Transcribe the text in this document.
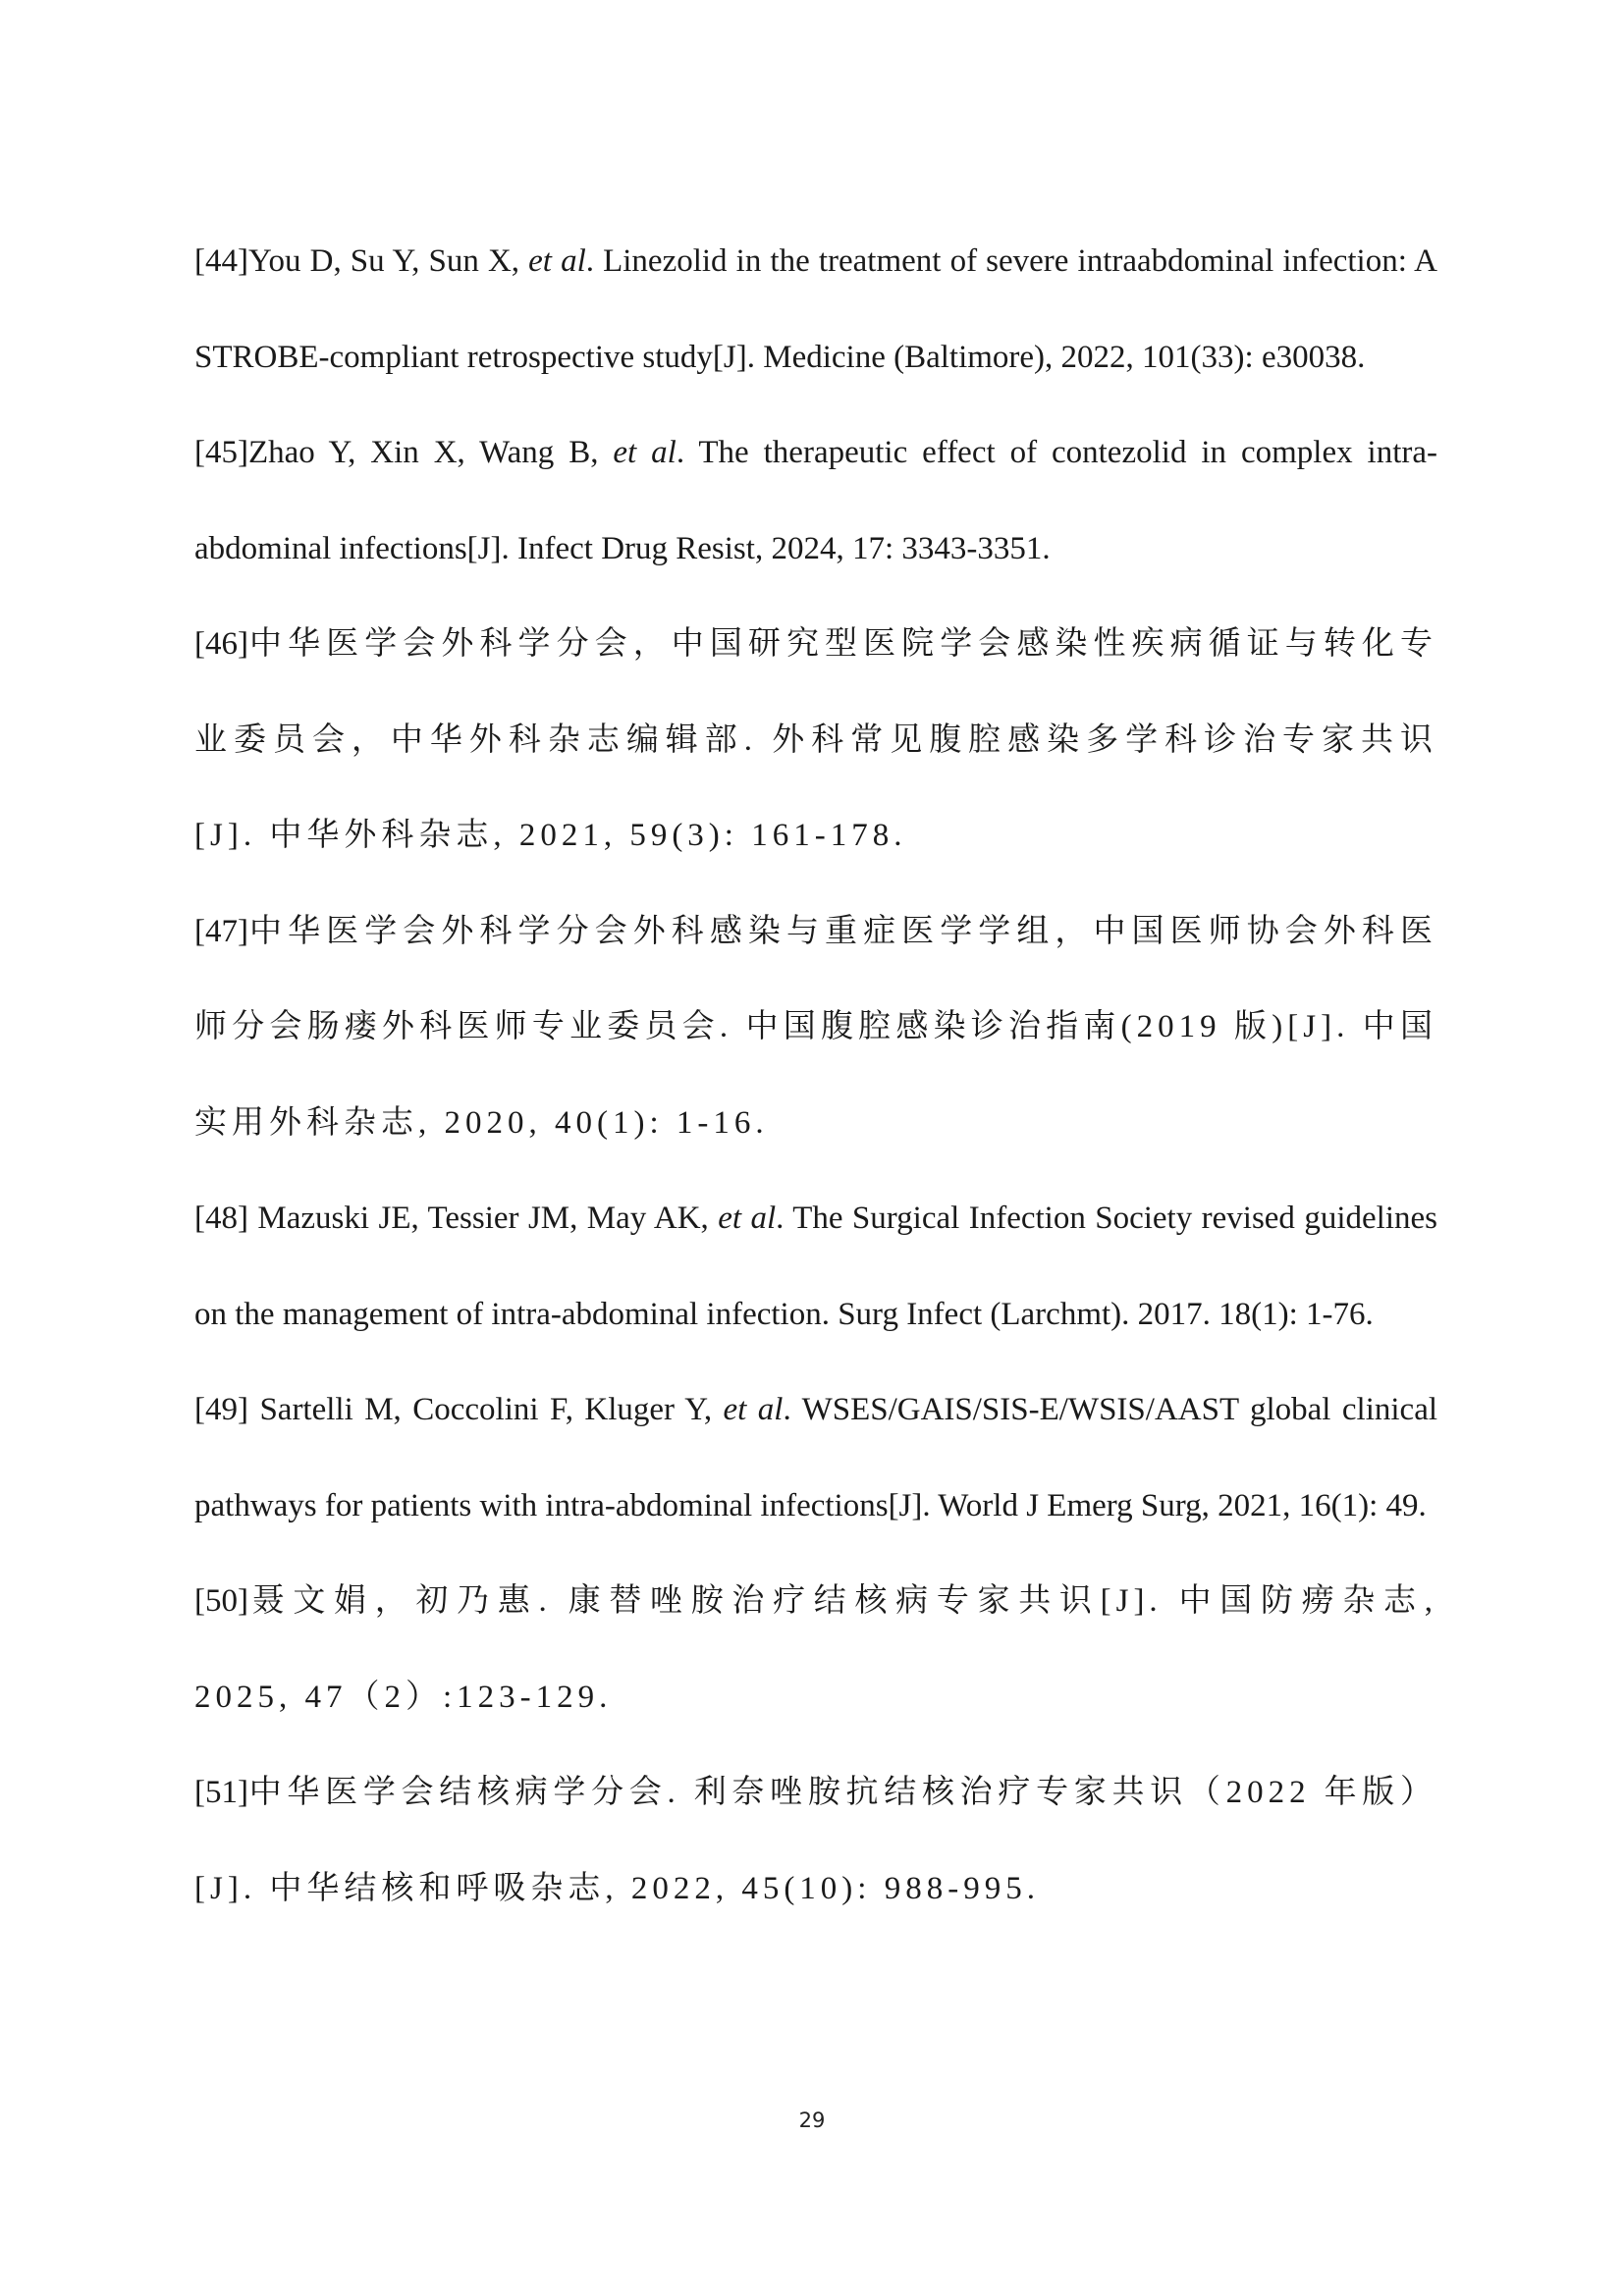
[44]You D, Su Y, Sun X, et al. Linezolid in the treatment of severe intraabdominal infection: A STROBE-compliant retrospective study[J]. Medicine (Baltimore), 2022, 101(33): e30038.
[45]Zhao Y, Xin X, Wang B, et al. The therapeutic effect of contezolid in complex intra-abdominal infections[J]. Infect Drug Resist, 2024, 17: 3343-3351.
[46]中华医学会外科学分会，中国研究型医院学会感染性疾病循证与转化专业委员会，中华外科杂志编辑部. 外科常见腹腔感染多学科诊治专家共识[J]. 中华外科杂志, 2021, 59(3): 161-178.
[47]中华医学会外科学分会外科感染与重症医学学组，中国医师协会外科医师分会肠瘘外科医师专业委员会. 中国腹腔感染诊治指南(2019 版)[J]. 中国实用外科杂志, 2020, 40(1): 1-16.
[48] Mazuski JE, Tessier JM, May AK, et al. The Surgical Infection Society revised guidelines on the management of intra-abdominal infection. Surg Infect (Larchmt). 2017. 18(1): 1-76.
[49] Sartelli M, Coccolini F, Kluger Y, et al. WSES/GAIS/SIS-E/WSIS/AAST global clinical pathways for patients with intra-abdominal infections[J]. World J Emerg Surg, 2021, 16(1): 49.
[50]聂文娟，初乃惠. 康替唑胺治疗结核病专家共识[J]. 中国防痨杂志, 2025, 47（2）:123-129.
[51]中华医学会结核病学分会. 利奈唑胺抗结核治疗专家共识（2022 年版）[J]. 中华结核和呼吸杂志, 2022, 45(10): 988-995.
29
